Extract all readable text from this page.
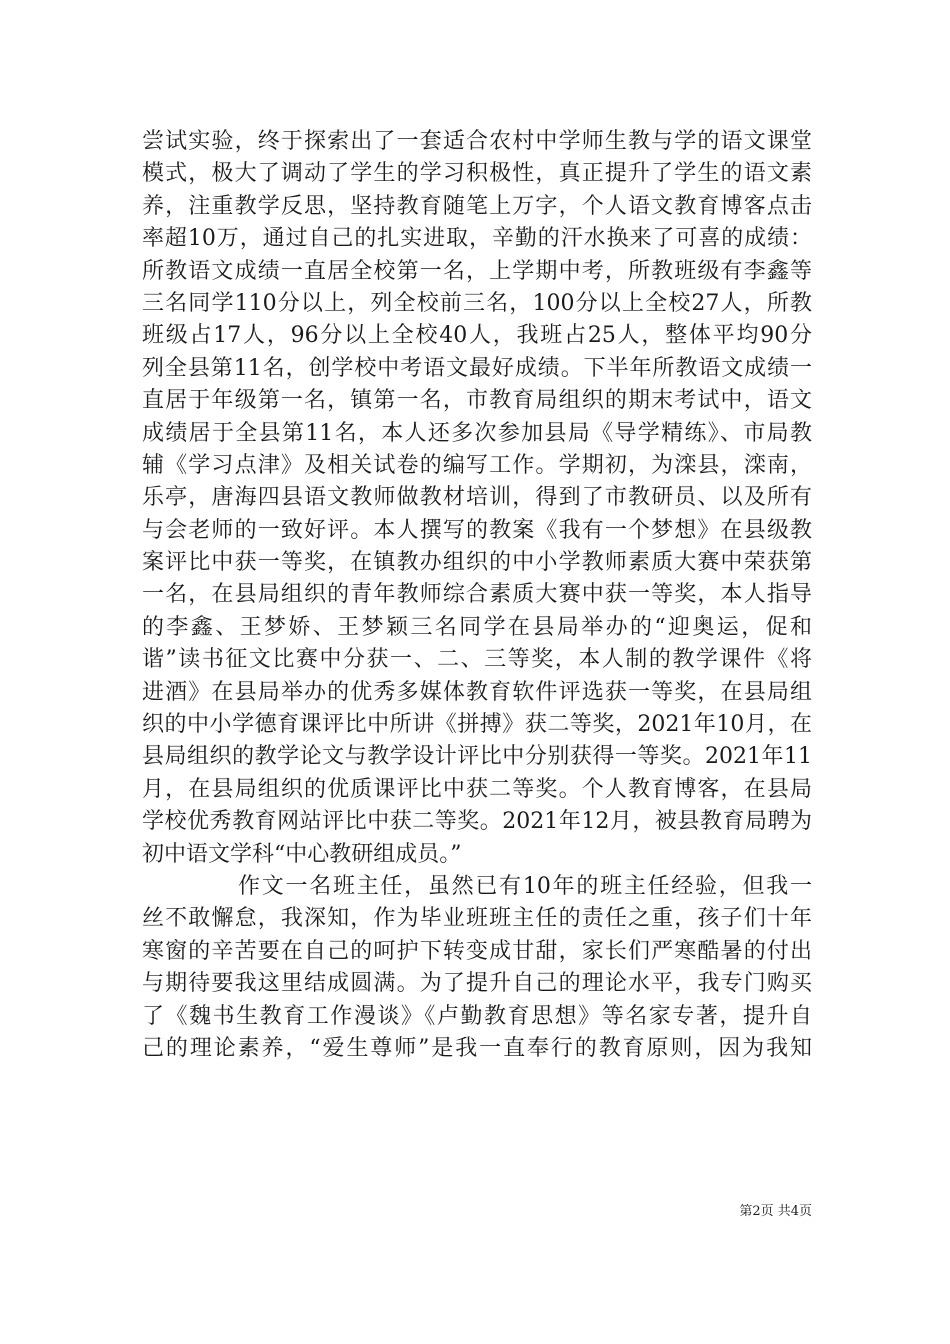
尝试实验，终于探索出了一套适合农村中学师生教与学的语文课堂
模式，极大了调动了学生的学习积极性，真正提升了学生的语文素
养，注重教学反思，坚持教育随笔上万字，个人语文教育博客点击
率超10万，通过自己的扎实进取，辛勤的汗水换来了可喜的成绩：
所教语文成绩一直居全校第一名，上学期中考，所教班级有李鑫等
三名同学110分以上，列全校前三名，100分以上全校27人，所教
班级占17人，96分以上全校40人，我班占25人，整体平均90分
列全县第11名，创学校中考语文最好成绩。下半年所教语文成绩一
直居于年级第一名，镇第一名，市教育局组织的期末考试中，语文
成绩居于全县第11名，本人还多次参加县局《导学精练》、市局教
辅《学习点津》及相关试卷的编写工作。学期初，为滦县，滦南，
乐亭，唐海四县语文教师做教材培训，得到了市教研员、以及所有
与会老师的一致好评。本人撰写的教案《我有一个梦想》在县级教
案评比中获一等奖，在镇教办组织的中小学教师素质大赛中荣获第
一名，在县局组织的青年教师综合素质大赛中获一等奖，本人指导
的李鑫、王梦娇、王梦颖三名同学在县局举办的“迎奥运，促和
谐”读书征文比赛中分获一、二、三等奖，本人制的教学课件《将
进酒》在县局举办的优秀多媒体教育软件评选获一等奖，在县局组
织的中小学德育课评比中所讲《拼搏》获二等奖，2021年10月，在
县局组织的教学论文与教学设计评比中分别获得一等奖。2021年11
月，在县局组织的优质课评比中获二等奖。个人教育博客，在县局
学校优秀教育网站评比中获二等奖。2021年12月，被县教育局聘为
初中语文学科“中心教研组成员。”
作文一名班主任，虽然已有10年的班主任经验，但我一
丝不敢懈怠，我深知，作为毕业班班主任的责任之重，孩子们十年
寒窗的辛苦要在自己的呵护下转变成甘甜，家长们严寒酷暑的付出
与期待要我这里结成圆满。为了提升自己的理论水平，我专门购买
了《魏书生教育工作漫谈》《卢勤教育思想》等名家专著，提升自
己的理论素养，“爱生尊师”是我一直奉行的教育原则，因为我知
第2页 共4页
